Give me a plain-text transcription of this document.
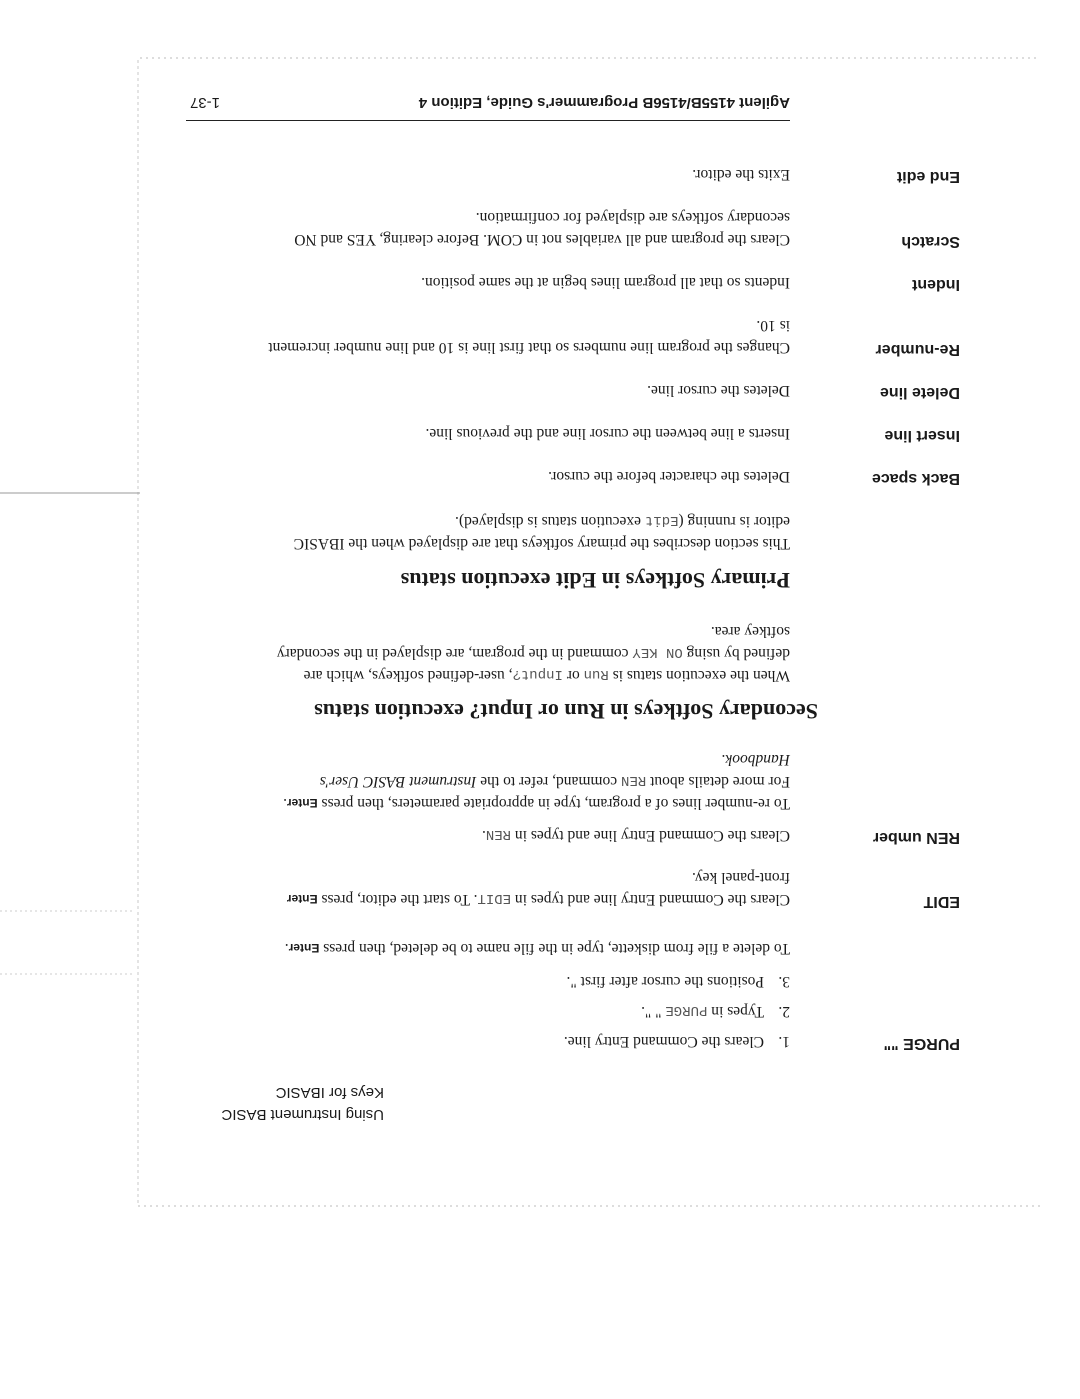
Using Instrument BASIC
Keys for IBASIC
PURGE ""
1.Clears the Command Entry line.
2.Types in PURGE " ".
3.Positions the cursor after first ".
To delete a file from diskette, type in the file name to be deleted, then press Enter.
EDIT
Clears the Command Entry line and types in EDIT. To start the editor, press Enter
front-panel key.
REN umber
Clears the Command Entry line and types in REN.
To re-number lines of a program, type in appropriate parameters, then press Enter.
For more details about REN command, refer to the Instrument BASIC User's
Handbook.
Secondary Softkeys in Run or Input? execution status
When the execution status is Run or Input?, user-defined softkeys, which are
defined by using ON KEY command in the program, are displayed in the secondary
softkey area.
Primary Softkeys in Edit execution status
This section describes the primary softkeys that are displayed when the IBASIC
editor is running (Edit execution status is displayed).
Back space
Deletes the character before the cursor.
Insert line
Inserts a line between the cursor line and the previous line.
Delete line
Deletes the cursor line.
Re-number
Changes the program line numbers so that first line is 10 and line number increment
is 10.
Indent
Indents so that all program lines begin at the same position.
Scratch
Clears the program and all variables not in COM. Before clearing, YES and NO
secondary softkeys are displayed for confirmation.
End edit
Exits the editor.
Agilent 4155B/4156B Programmer's Guide, Edition 4
1-37
